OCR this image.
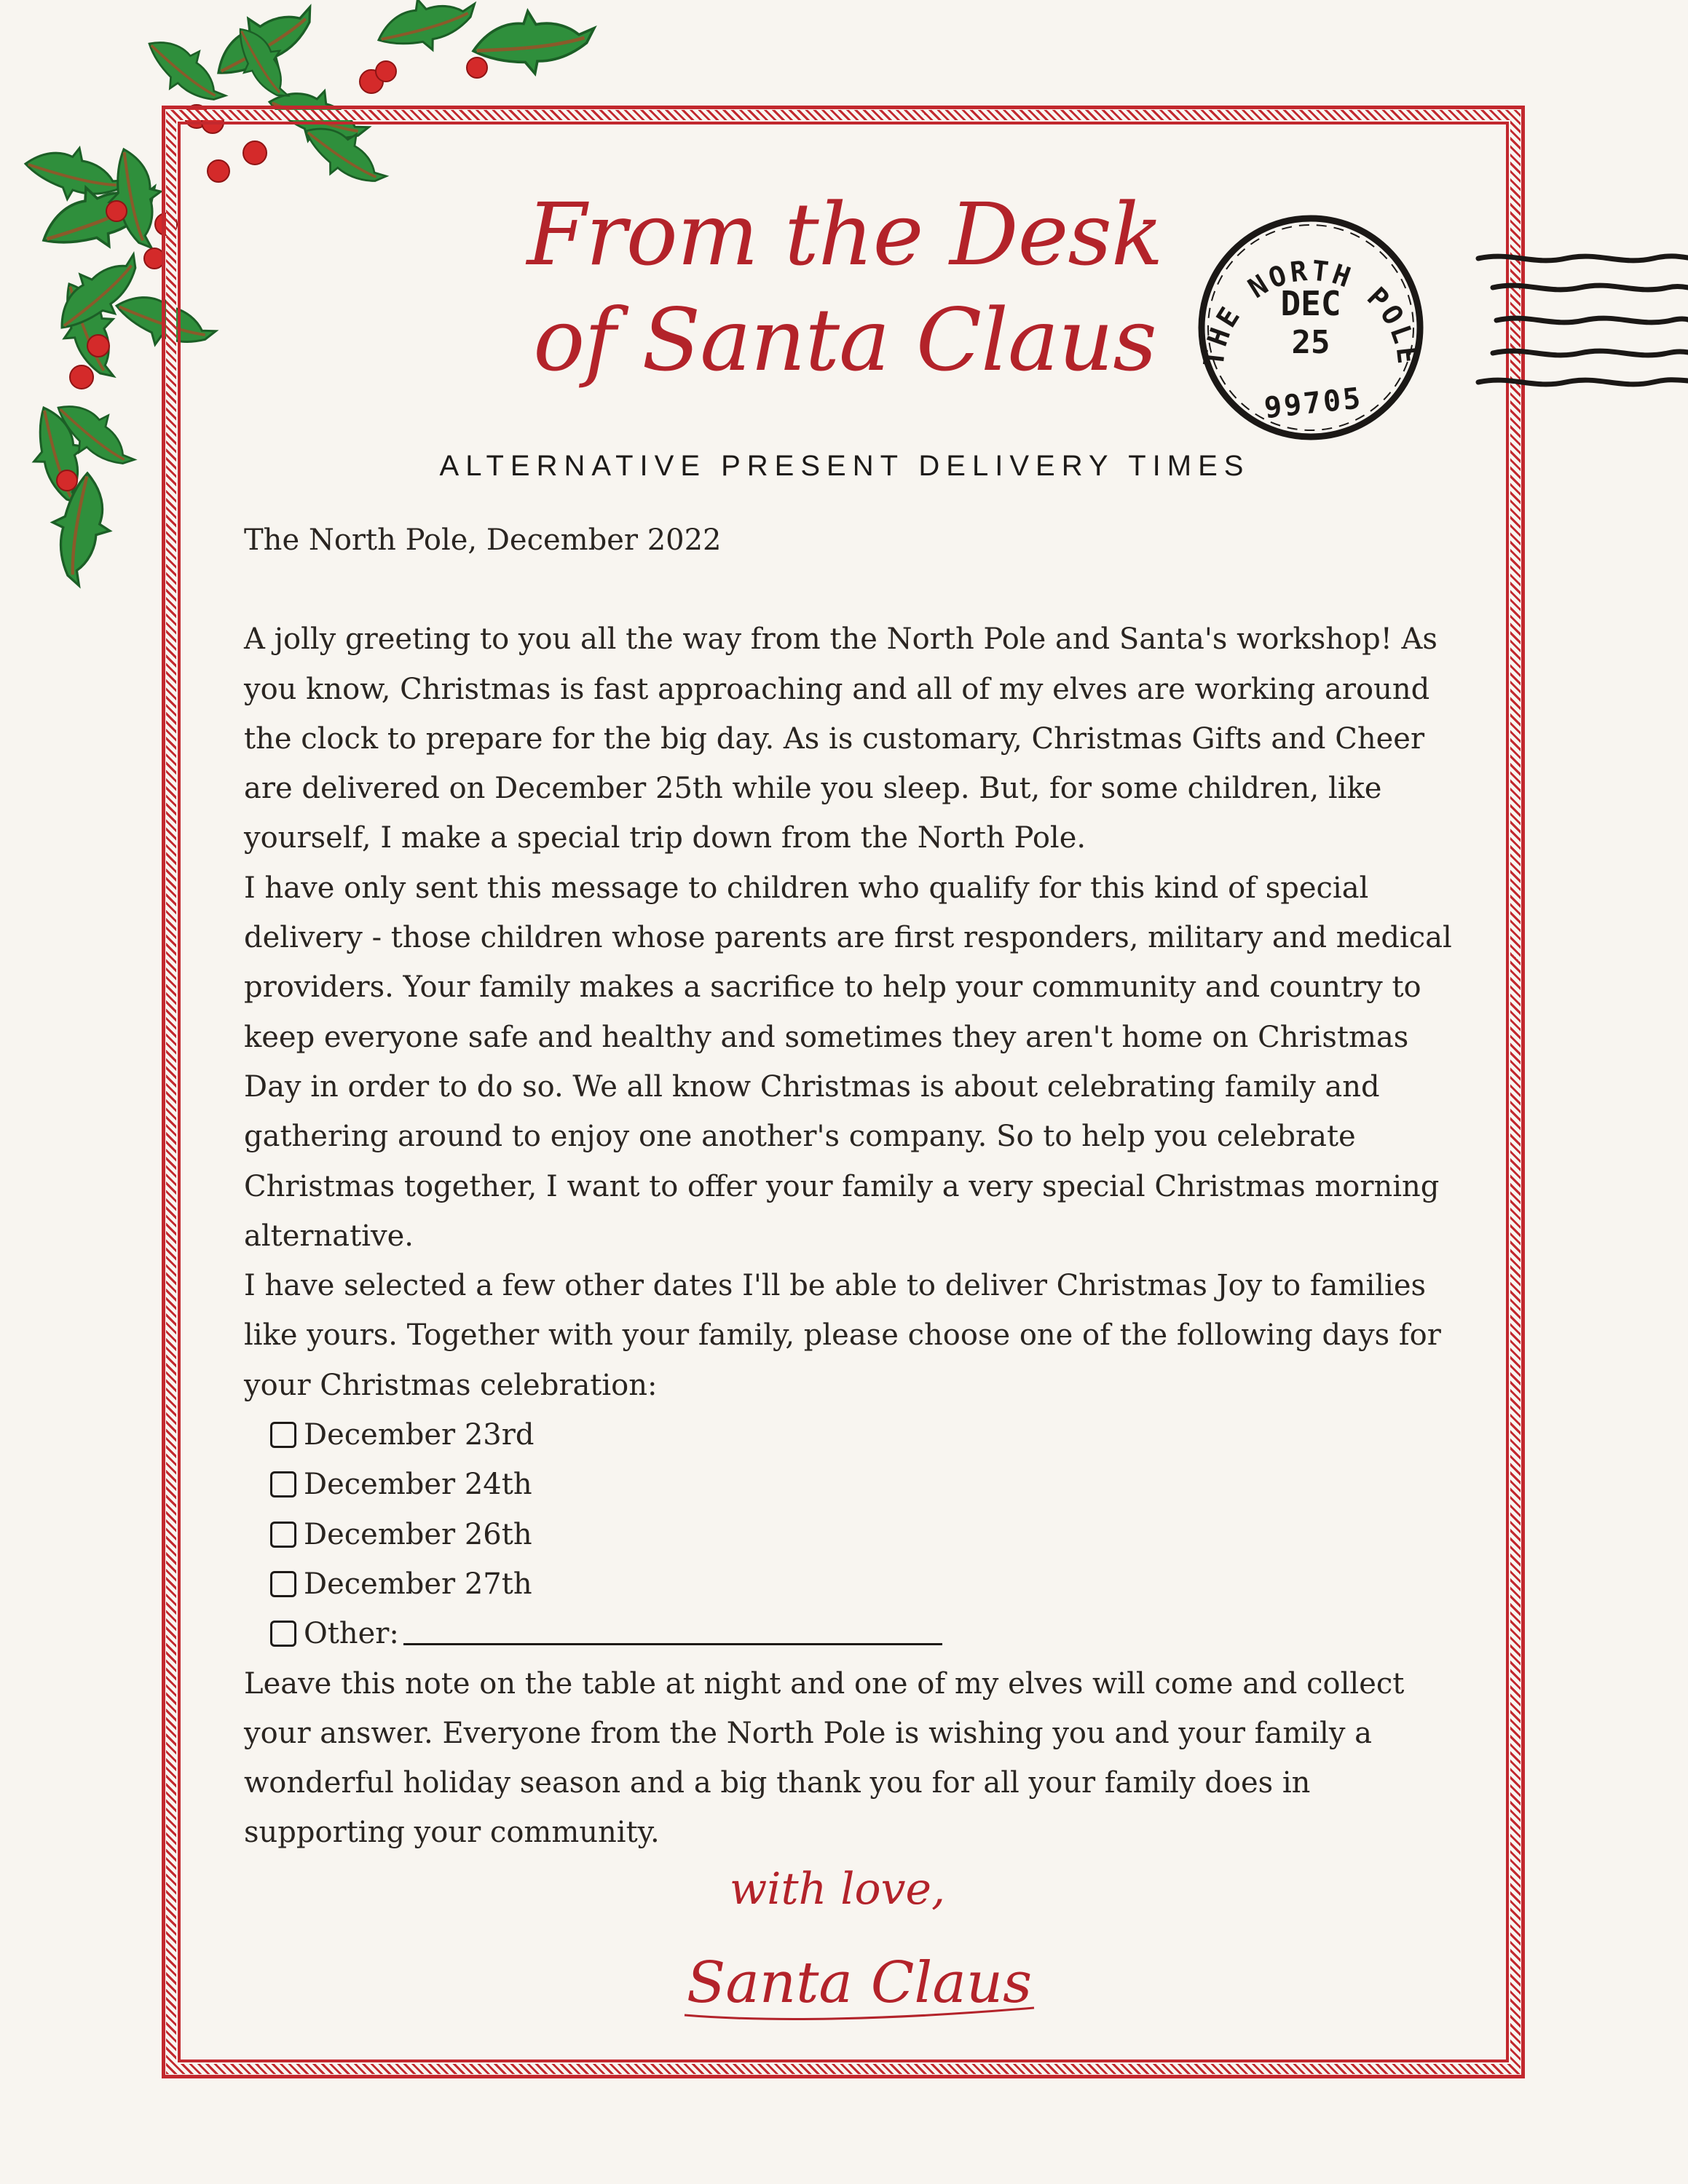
From the Desk
of Santa Claus
ALTERNATIVE PRESENT DELIVERY TIMES
THE NORTH POLE
DEC
25
99705

The North Pole, December 2022

A jolly greeting to you all the way from the North Pole and Santa's workshop! As you know, Christmas is fast approaching and all of my elves are working around the clock to prepare for the big day. As is customary, Christmas Gifts and Cheer are delivered on December 25th while you sleep. But, for some children, like yourself, I make a special trip down from the North Pole.

I have only sent this message to children who qualify for this kind of special delivery - those children whose parents are first responders, military and medical providers. Your family makes a sacrifice to help your community and country to keep everyone safe and healthy and sometimes they aren't home on Christmas Day in order to do so. We all know Christmas is about celebrating family and gathering around to enjoy one another's company. So to help you celebrate Christmas together, I want to offer your family a very special Christmas morning alternative.

I have selected a few other dates I'll be able to deliver Christmas Joy to families like yours. Together with your family, please choose one of the following days for your Christmas celebration:

December 23rd
December 24th
December 26th
December 27th
Other:

Leave this note on the table at night and one of my elves will come and collect your answer. Everyone from the North Pole is wishing you and your family a wonderful holiday season and a big thank you for all your family does in supporting your community.

with love,
Santa Claus
